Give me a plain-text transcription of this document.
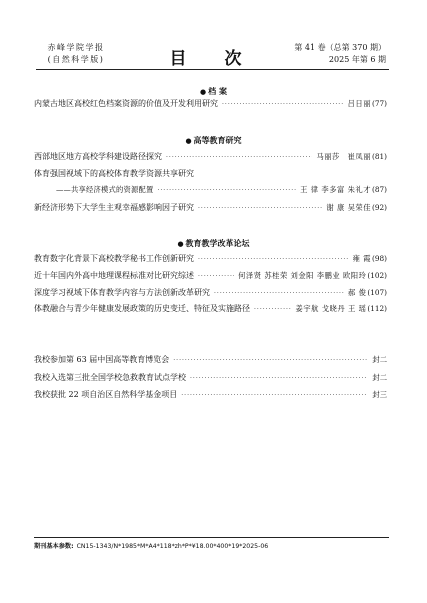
赤峰学院学报
(自然科学版)	目 次
第 41 卷（总第 370 期）
2025 年第 6 期
● 档 案
内蒙古地区高校红色档案资源的价值及开发利用研究 ·····	吕日丽 (77)
● 高等教育研究
西部地区地方高校学科建设路径探究 ·····	马丽莎　崔凤丽 (81)
体育强国视域下的高校体育教学资源共享研究
——共享经济模式的资源配置 ·····	王 律 李多富 朱礼才 (87)
新经济形势下大学生主观幸福感影响因子研究 ·····	谢 康 吴荣佳 (92)
● 教育教学改革论坛
教育数字化背景下高校教学秘书工作创新研究 ·····	雍 霞 (98)
近十年国内外高中地理课程标准对比研究综述 ·····	何泽贤 苏桂荣 刘金阳 李鹏业 欧阳玲 (102)
深度学习视域下体育教学内容与方法创新改革研究 ·····	郝 俊 (107)
体教融合与青少年健康发展政策的历史变迁、特征及实施路径 ·····	姜宇航 戈晓丹 王 瑶 (112)
我校参加第 63 届中国高等教育博览会 ·····	封二
我校入选第三批全国学校急救教育试点学校 ·····	封二
我校获批 22 项自治区自然科学基金项目 ·····	封三
期刊基本参数: CN15-1343/N*1985*M*A4*118*zh*P*¥18.00*400*19*2025-06
